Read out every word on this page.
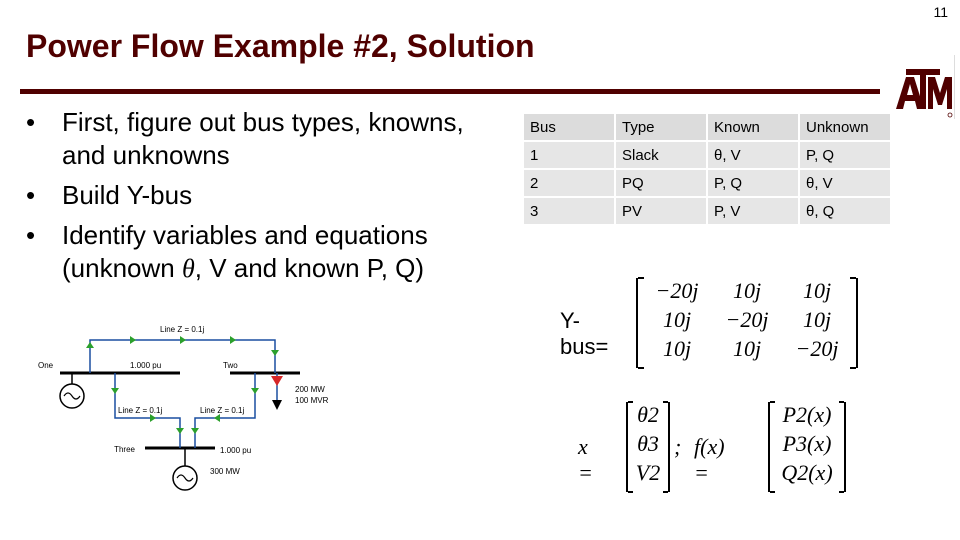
11
Power Flow Example #2, Solution
• First, figure out bus types, knowns, and unknowns
• Build Y-bus
• Identify variables and equations (unknown θ, V and known P, Q)
Bus	Type	Known	Unknown
1	Slack	θ, V	P, Q
2	PQ	P, Q	θ, V
3	PV	P, V	θ, Q
Y-bus=
−20j	10j	10j
10j	−20j	10j
10j	10j	−20j
x =
θ2
θ3
V2
; f(x) =
P2(x)
P3(x)
Q2(x)
200 MW
100 MVR
One	Two
Three
Line Z = 0.1j
Line Z = 0.1j	Line Z = 0.1j
1.000 pu
1.000 pu
300 MW
